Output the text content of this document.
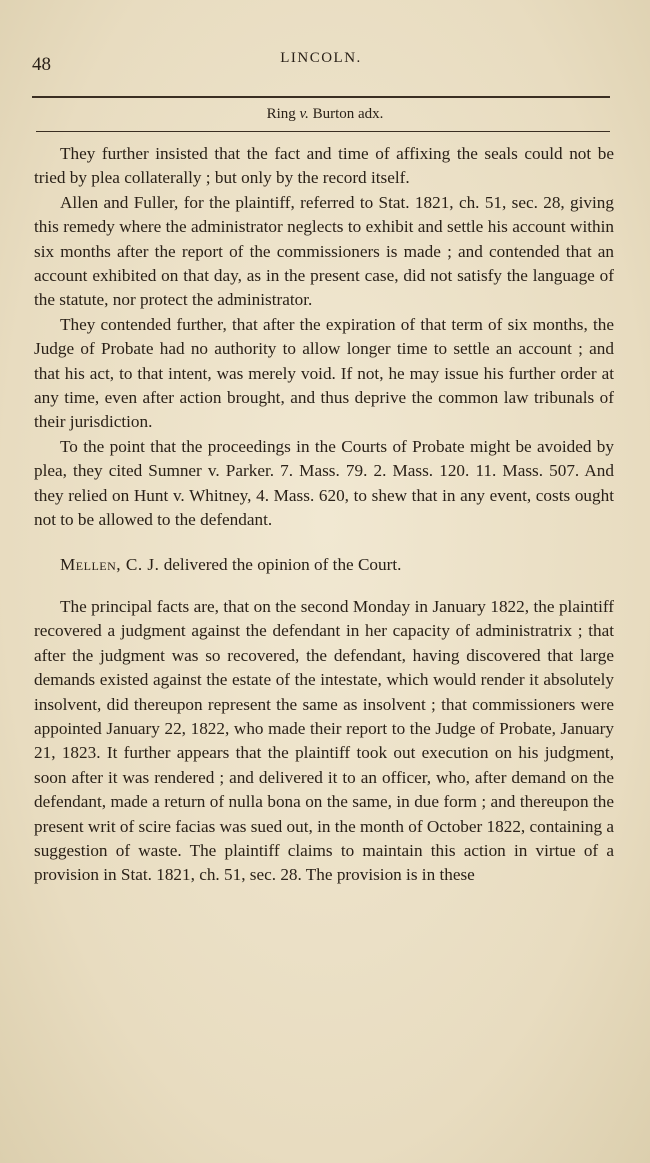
48	LINCOLN.
Ring v. Burton adx.

They further insisted that the fact and time of affixing the seals could not be tried by plea collaterally ; but only by the record itself.

Allen and Fuller, for the plaintiff, referred to Stat. 1821, ch. 51, sec. 28, giving this remedy where the administrator neglects to exhibit and settle his account within six months after the report of the commissioners is made ; and contended that an account exhibited on that day, as in the present case, did not satisfy the language of the statute, nor protect the administrator.

They contended further, that after the expiration of that term of six months, the Judge of Probate had no authority to allow longer time to settle an account ; and that his act, to that intent, was merely void. If not, he may issue his further order at any time, even after action brought, and thus deprive the common law tribunals of their jurisdiction.

To the point that the proceedings in the Courts of Probate might be avoided by plea, they cited Sumner v. Parker. 7. Mass. 79. 2. Mass. 120. 11. Mass. 507. And they relied on Hunt v. Whitney, 4. Mass. 620, to shew that in any event, costs ought not to be allowed to the defendant.

Mellen, C. J. delivered the opinion of the Court.

The principal facts are, that on the second Monday in January 1822, the plaintiff recovered a judgment against the defendant in her capacity of administratrix ; that after the judgment was so recovered, the defendant, having discovered that large demands existed against the estate of the intestate, which would render it absolutely insolvent, did thereupon represent the same as insolvent ; that commissioners were appointed January 22, 1822, who made their report to the Judge of Probate, January 21, 1823. It further appears that the plaintiff took out execution on his judgment, soon after it was rendered ; and delivered it to an officer, who, after demand on the defendant, made a return of nulla bona on the same, in due form ; and thereupon the present writ of scire facias was sued out, in the month of October 1822, containing a suggestion of waste. The plaintiff claims to maintain this action in virtue of a provision in Stat. 1821, ch. 51, sec. 28. The provision is in these
